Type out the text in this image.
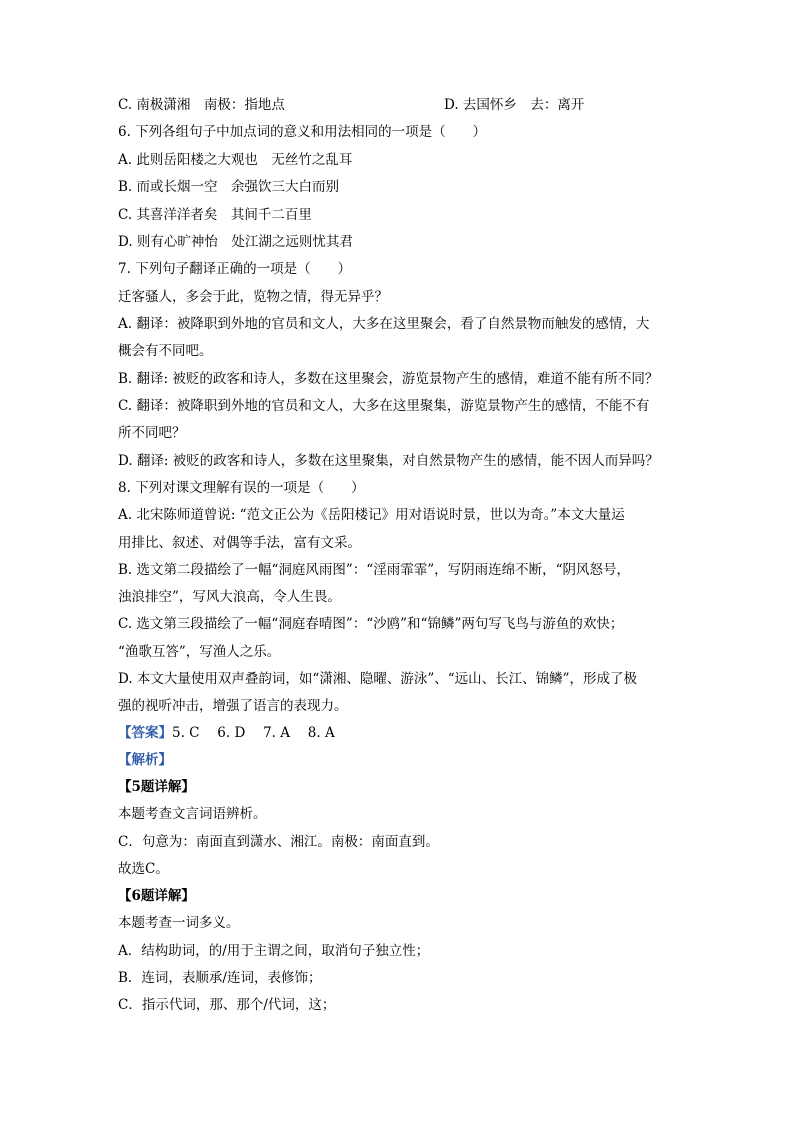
C. 南极潇湘　南极：指地点	D. 去国怀乡　去：离开
6. 下列各组句子中加点词的意义和用法相同的一项是（　　）
A. 此则岳阳楼之大观也　无丝竹之乱耳
B. 而或长烟一空　余强饮三大白而别
C. 其喜洋洋者矣　其间千二百里
D. 则有心旷神怡　处江湖之远则忧其君
7. 下列句子翻译正确的一项是（　　）
迁客骚人，多会于此，览物之情，得无异乎？
A. 翻译：被降职到外地的官员和文人，大多在这里聚会，看了自然景物而触发的感情，大
概会有不同吧。
B. 翻译: 被贬的政客和诗人，多数在这里聚会，游览景物产生的感情，难道不能有所不同？
C. 翻译：被降职到外地的官员和文人，大多在这里聚集，游览景物产生的感情，不能不有
所不同吧？
D. 翻译: 被贬的政客和诗人，多数在这里聚集，对自然景物产生的感情，能不因人而异吗？
8. 下列对课文理解有误的一项是（　　）
A. 北宋陈师道曾说: “范文正公为《岳阳楼记》用对语说时景，世以为奇。”本文大量运
用排比、叙述、对偶等手法，富有文采。
B. 选文第二段描绘了一幅“洞庭风雨图”：“淫雨霏霏”，写阴雨连绵不断，“阴风怒号，
浊浪排空”，写风大浪高，令人生畏。
C. 选文第三段描绘了一幅“洞庭春晴图”：“沙鸥”和“锦鳞”两句写飞鸟与游鱼的欢快；
“渔歌互答”，写渔人之乐。
D. 本文大量使用双声叠韵词，如“潇湘、隐曜、游泳”、“远山、长江、锦鳞”，形成了极
强的视听冲击，增强了语言的表现力。
【答案】5. C　 6. D　 7. A　 8. A
【解析】
【5题详解】
本题考查文言词语辨析。
C．句意为：南面直到潇水、湘江。南极：南面直到。
故选C。
【6题详解】
本题考查一词多义。
A．结构助词，的/用于主谓之间，取消句子独立性；
B．连词，表顺承/连词，表修饰；
C．指示代词，那、那个/代词，这；
